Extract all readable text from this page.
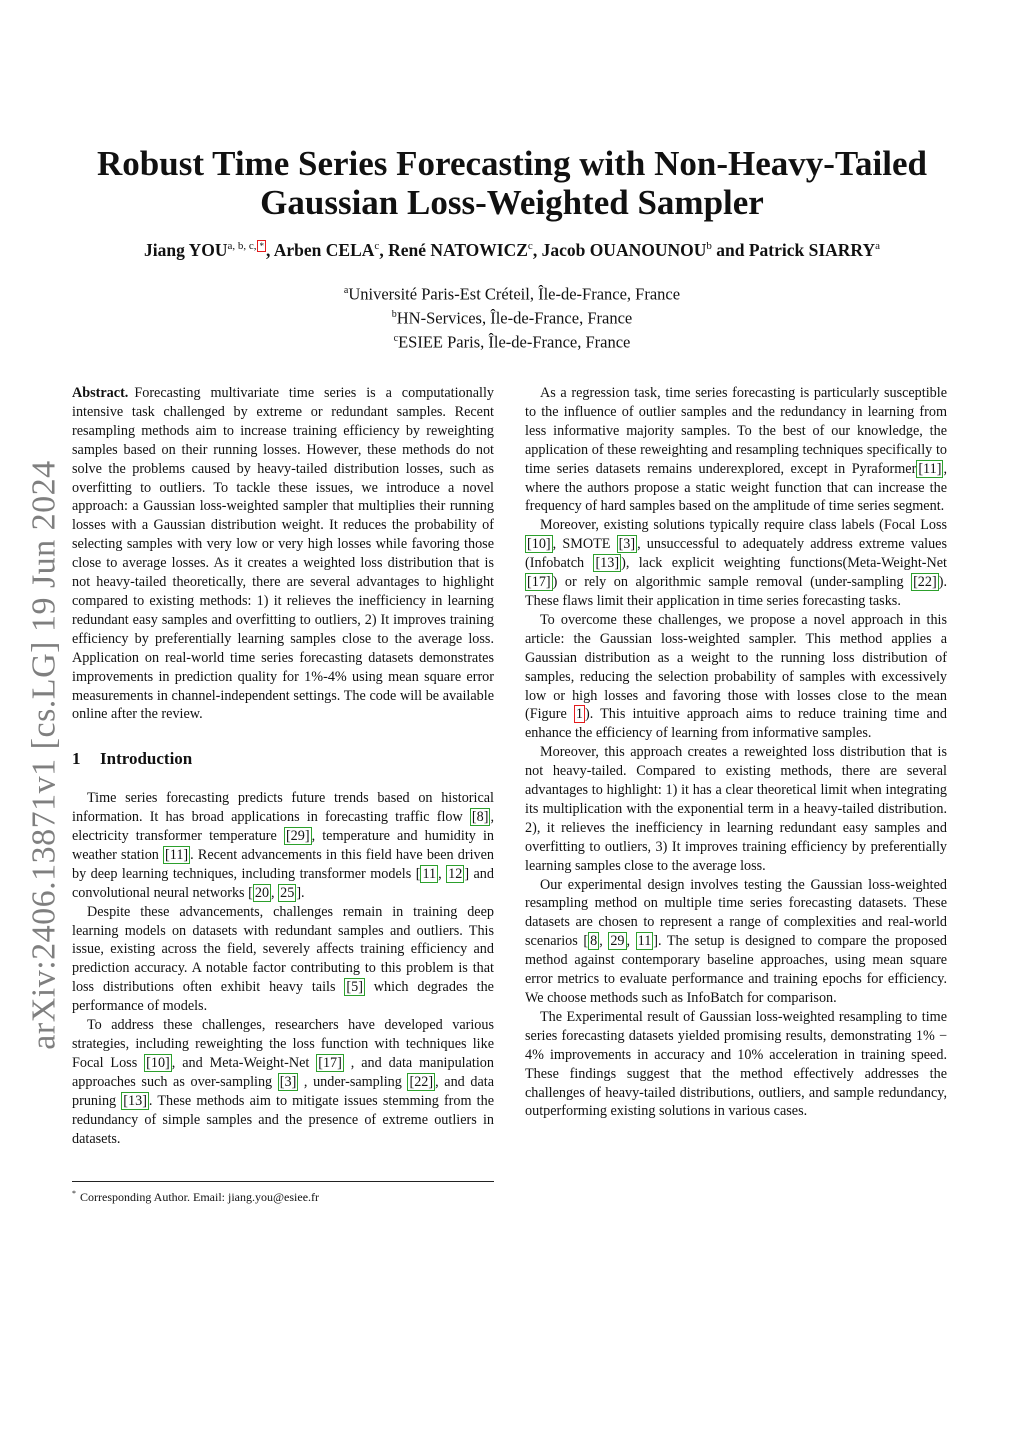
arXiv:2406.13871v1 [cs.LG] 19 Jun 2024
Robust Time Series Forecasting with Non-Heavy-Tailed
Gaussian Loss-Weighted Sampler
Jiang $YOU^{a, b, c, *}$ , Arben CELA$^c$, René NATOWICZ$^c$, Jacob OUANOUNOU$^b$ and Patrick SIARRY$^a$
$^a$Université Paris-Est Créteil, Île-de-France, France
$^b$HN-Services, Île-de-France, France
$^c$ESIEE Paris, Île-de-France, France

Abstract. Forecasting multivariate time series is a computationally intensive task challenged by extreme or redundant samples. Recent resampling methods aim to increase training efficiency by reweighting samples based on their running losses. However, these methods do not solve the problems caused by heavy-tailed distribution losses, such as overfitting to outliers. To tackle these issues, we introduce a novel approach: a Gaussian loss-weighted sampler that multiplies their running losses with a Gaussian distribution weight. It reduces the probability of selecting samples with very low or very high losses while favoring those close to average losses. As it creates a weighted loss distribution that is not heavy-tailed theoretically, there are several advantages to highlight compared to existing methods: 1) it relieves the inefficiency in learning redundant easy samples and overfitting to outliers, 2) It improves training efficiency by preferentially learning samples close to the average loss. Application on real-world time series forecasting datasets demonstrates improvements in prediction quality for 1%-4% using mean square error measurements in channel-independent settings. The code will be available online after the review.

1 Introduction

Time series forecasting predicts future trends based on historical information. It has broad applications in forecasting traffic flow [8] , electricity transformer temperature [29] , temperature and humidity in weather station [11] . Recent advancements in this field have been driven by deep learning techniques, including transformer models [ 11 , 12 ] and convolutional neural networks [ 20 , 25 ].

Despite these advancements, challenges remain in training deep learning models on datasets with redundant samples and outliers. This issue, existing across the field, severely affects training efficiency and prediction accuracy. A notable factor contributing to this problem is that loss distributions often exhibit heavy tails [5] which degrades the performance of models.

To address these challenges, researchers have developed various strategies, including reweighting the loss function with techniques like Focal Loss [10] , and Meta-Weight-Net [17] , and data manipulation approaches such as over-sampling [3] , under-sampling [22] , and data pruning [13] . These methods aim to mitigate issues stemming from the redundancy of simple samples and the presence of extreme outliers in datasets.

As a regression task, time series forecasting is particularly susceptible to the influence of outlier samples and the redundancy in learning from less informative majority samples. To the best of our knowledge, the application of these reweighting and resampling techniques specifically to time series datasets remains underexplored, except in Pyraformer [11] , where the authors propose a static weight function that can increase the frequency of hard samples based on the amplitude of time series segment.

Moreover, existing solutions typically require class labels (Focal Loss [10] , SMOTE [3] , unsuccessful to adequately address extreme values (Infobatch [13] ), lack explicit weighting functions(Meta-Weight-Net [17] ) or rely on algorithmic sample removal (under-sampling [22] ). These flaws limit their application in time series forecasting tasks.

To overcome these challenges, we propose a novel approach in this article: the Gaussian loss-weighted sampler. This method applies a Gaussian distribution as a weight to the running loss distribution of samples, reducing the selection probability of samples with excessively low or high losses and favoring those with losses close to the mean (Figure 1 ). This intuitive approach aims to reduce training time and enhance the efficiency of learning from informative samples.

Moreover, this approach creates a reweighted loss distribution that is not heavy-tailed. Compared to existing methods, there are several advantages to highlight: 1) it has a clear theoretical limit when integrating its multiplication with the exponential term in a heavy-tailed distribution. 2), it relieves the inefficiency in learning redundant easy samples and overfitting to outliers, 3) It improves training efficiency by preferentially learning samples close to the average loss.

Our experimental design involves testing the Gaussian loss-weighted resampling method on multiple time series forecasting datasets. These datasets are chosen to represent a range of complexities and real-world scenarios [ 8 , 29 , 11 ]. The setup is designed to compare the proposed method against contemporary baseline approaches, using mean square error metrics to evaluate performance and training epochs for efficiency. We choose methods such as InfoBatch for comparison.

The Experimental result of Gaussian loss-weighted resampling to time series forecasting datasets yielded promising results, demonstrating 1% − 4% improvements in accuracy and 10% acceleration in training speed. These findings suggest that the method effectively addresses the challenges of heavy-tailed distributions, outliers, and sample redundancy, outperforming existing solutions in various cases.

* Corresponding Author. Email: jiang.you@esiee.fr
